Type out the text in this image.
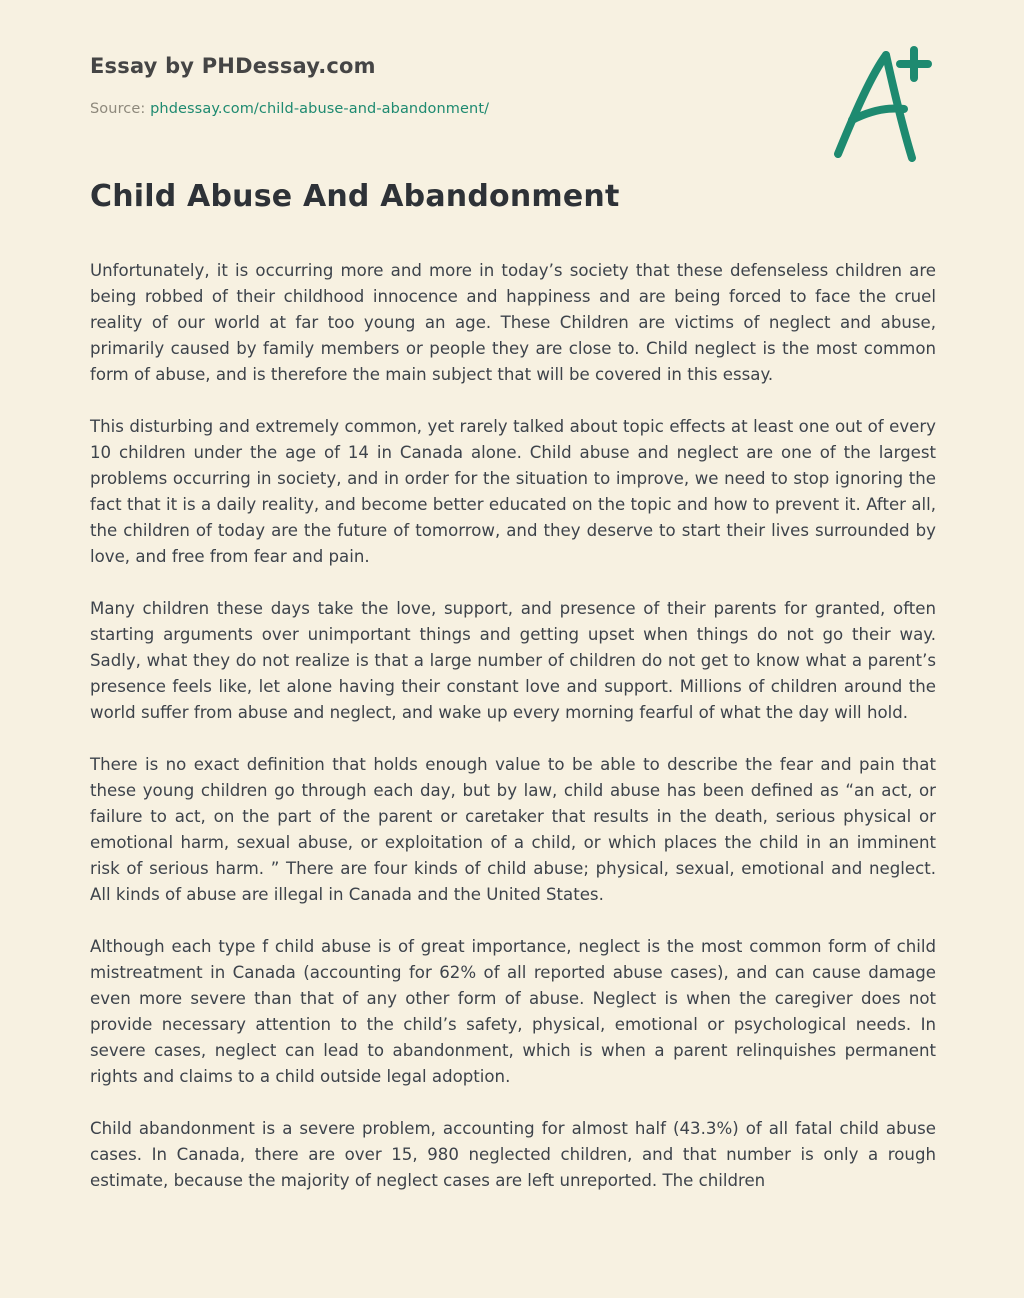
Essay by PHDessay.com
Source: phdessay.com/child-abuse-and-abandonment/
Child Abuse And Abandonment

Unfortunately, it is occurring more and more in today’s society that these defenseless children are being robbed of their childhood innocence and happiness and are being forced to face the cruel reality of our world at far too young an age. These Children are victims of neglect and abuse, primarily caused by family members or people they are close to. Child neglect is the most common form of abuse, and is therefore the main subject that will be covered in this essay.

This disturbing and extremely common, yet rarely talked about topic effects at least one out of every 10 children under the age of 14 in Canada alone. Child abuse and neglect are one of the largest problems occurring in society, and in order for the situation to improve, we need to stop ignoring the fact that it is a daily reality, and become better educated on the topic and how to prevent it. After all, the children of today are the future of tomorrow, and they deserve to start their lives surrounded by love, and free from fear and pain.

Many children these days take the love, support, and presence of their parents for granted, often starting arguments over unimportant things and getting upset when things do not go their way. Sadly, what they do not realize is that a large number of children do not get to know what a parent’s presence feels like, let alone having their constant love and support. Millions of children around the world suffer from abuse and neglect, and wake up every morning fearful of what the day will hold.

There is no exact definition that holds enough value to be able to describe the fear and pain that these young children go through each day, but by law, child abuse has been defined as “an act, or failure to act, on the part of the parent or caretaker that results in the death, serious physical or emotional harm, sexual abuse, or exploitation of a child, or which places the child in an imminent risk of serious harm. ” There are four kinds of child abuse; physical, sexual, emotional and neglect. All kinds of abuse are illegal in Canada and the United States.

Although each type f child abuse is of great importance, neglect is the most common form of child mistreatment in Canada (accounting for 62% of all reported abuse cases), and can cause damage even more severe than that of any other form of abuse. Neglect is when the caregiver does not provide necessary attention to the child’s safety, physical, emotional or psychological needs. In severe cases, neglect can lead to abandonment, which is when a parent relinquishes permanent rights and claims to a child outside legal adoption.

Child abandonment is a severe problem, accounting for almost half (43.3%) of all fatal child abuse cases. In Canada, there are over 15, 980 neglected children, and that number is only a rough estimate, because the majority of neglect cases are left unreported. The children
